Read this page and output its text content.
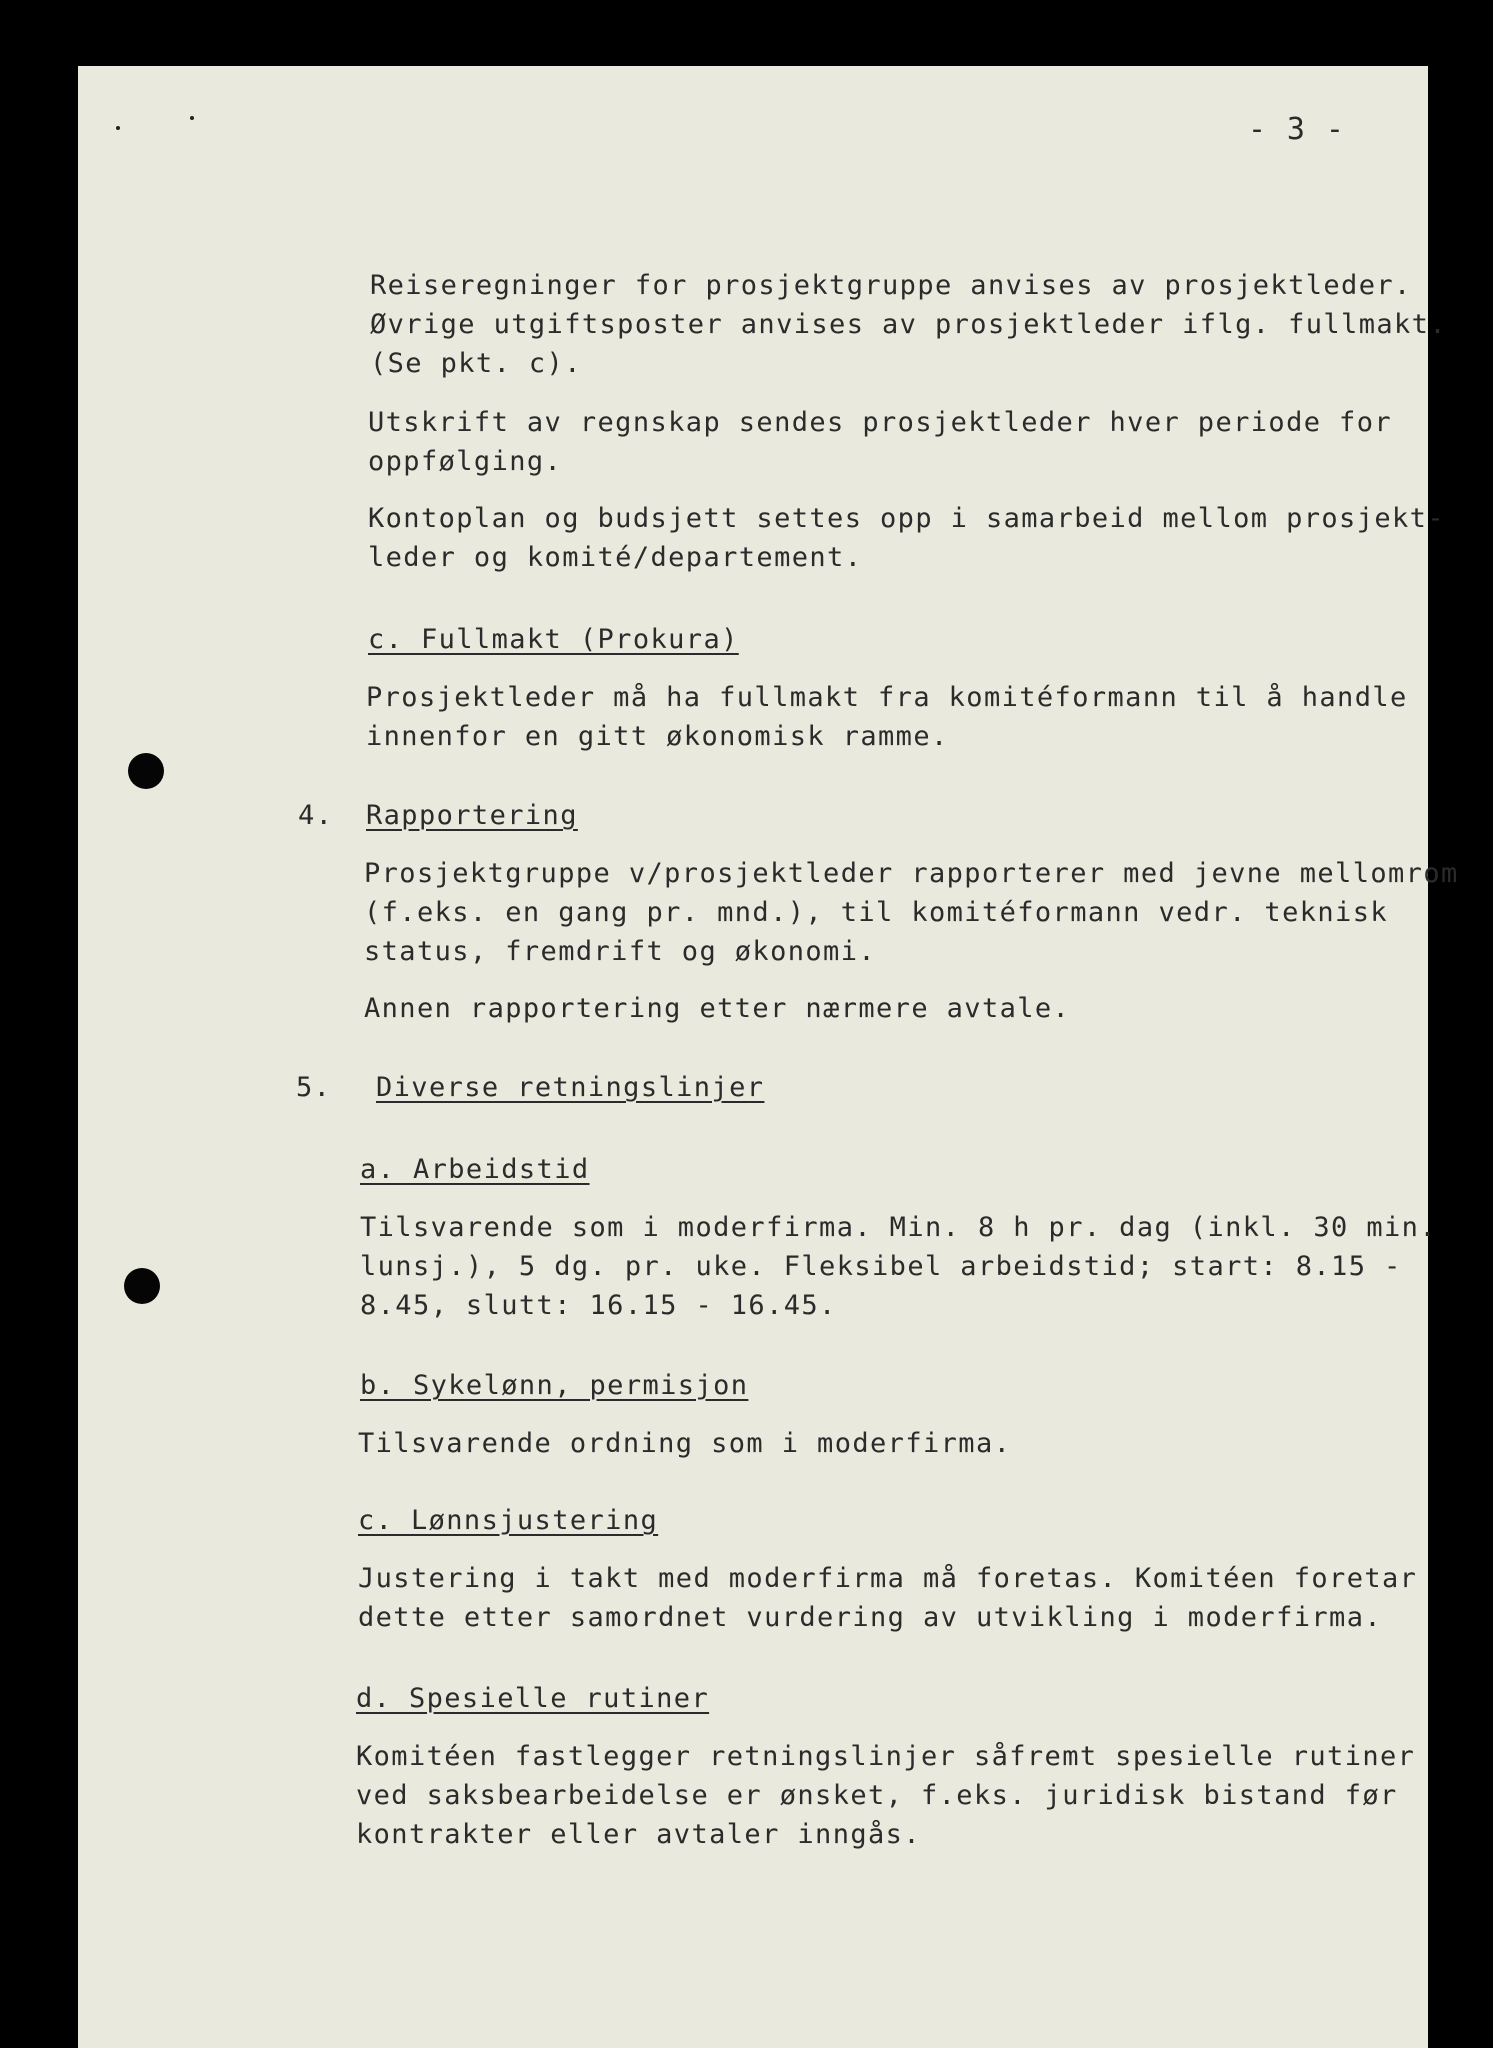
- 3 -
Reiseregninger for prosjektgruppe anvises av prosjektleder.
Øvrige utgiftsposter anvises av prosjektleder iflg. fullmakt.
(Se pkt. c).
Utskrift av regnskap sendes prosjektleder hver periode for
oppfølging.
Kontoplan og budsjett settes opp i samarbeid mellom prosjekt-
leder og komité/departement.
c. Fullmakt (Prokura)
Prosjektleder må ha fullmakt fra komitéformann til å handle
innenfor en gitt økonomisk ramme.
4. Rapportering
Prosjektgruppe v/prosjektleder rapporterer med jevne mellomrom
(f.eks. en gang pr. mnd.), til komitéformann vedr. teknisk
status, fremdrift og økonomi.
Annen rapportering etter nærmere avtale.
5. Diverse retningslinjer
a. Arbeidstid
Tilsvarende som i moderfirma. Min. 8 h pr. dag (inkl. 30 min.
lunsj.), 5 dg. pr. uke. Fleksibel arbeidstid; start: 8.15 -
8.45, slutt: 16.15 - 16.45.
b. Sykelønn, permisjon
Tilsvarende ordning som i moderfirma.
c. Lønnsjustering
Justering i takt med moderfirma må foretas. Komitéen foretar
dette etter samordnet vurdering av utvikling i moderfirma.
d. Spesielle rutiner
Komitéen fastlegger retningslinjer såfremt spesielle rutiner
ved saksbearbeidelse er ønsket, f.eks. juridisk bistand før
kontrakter eller avtaler inngås.
